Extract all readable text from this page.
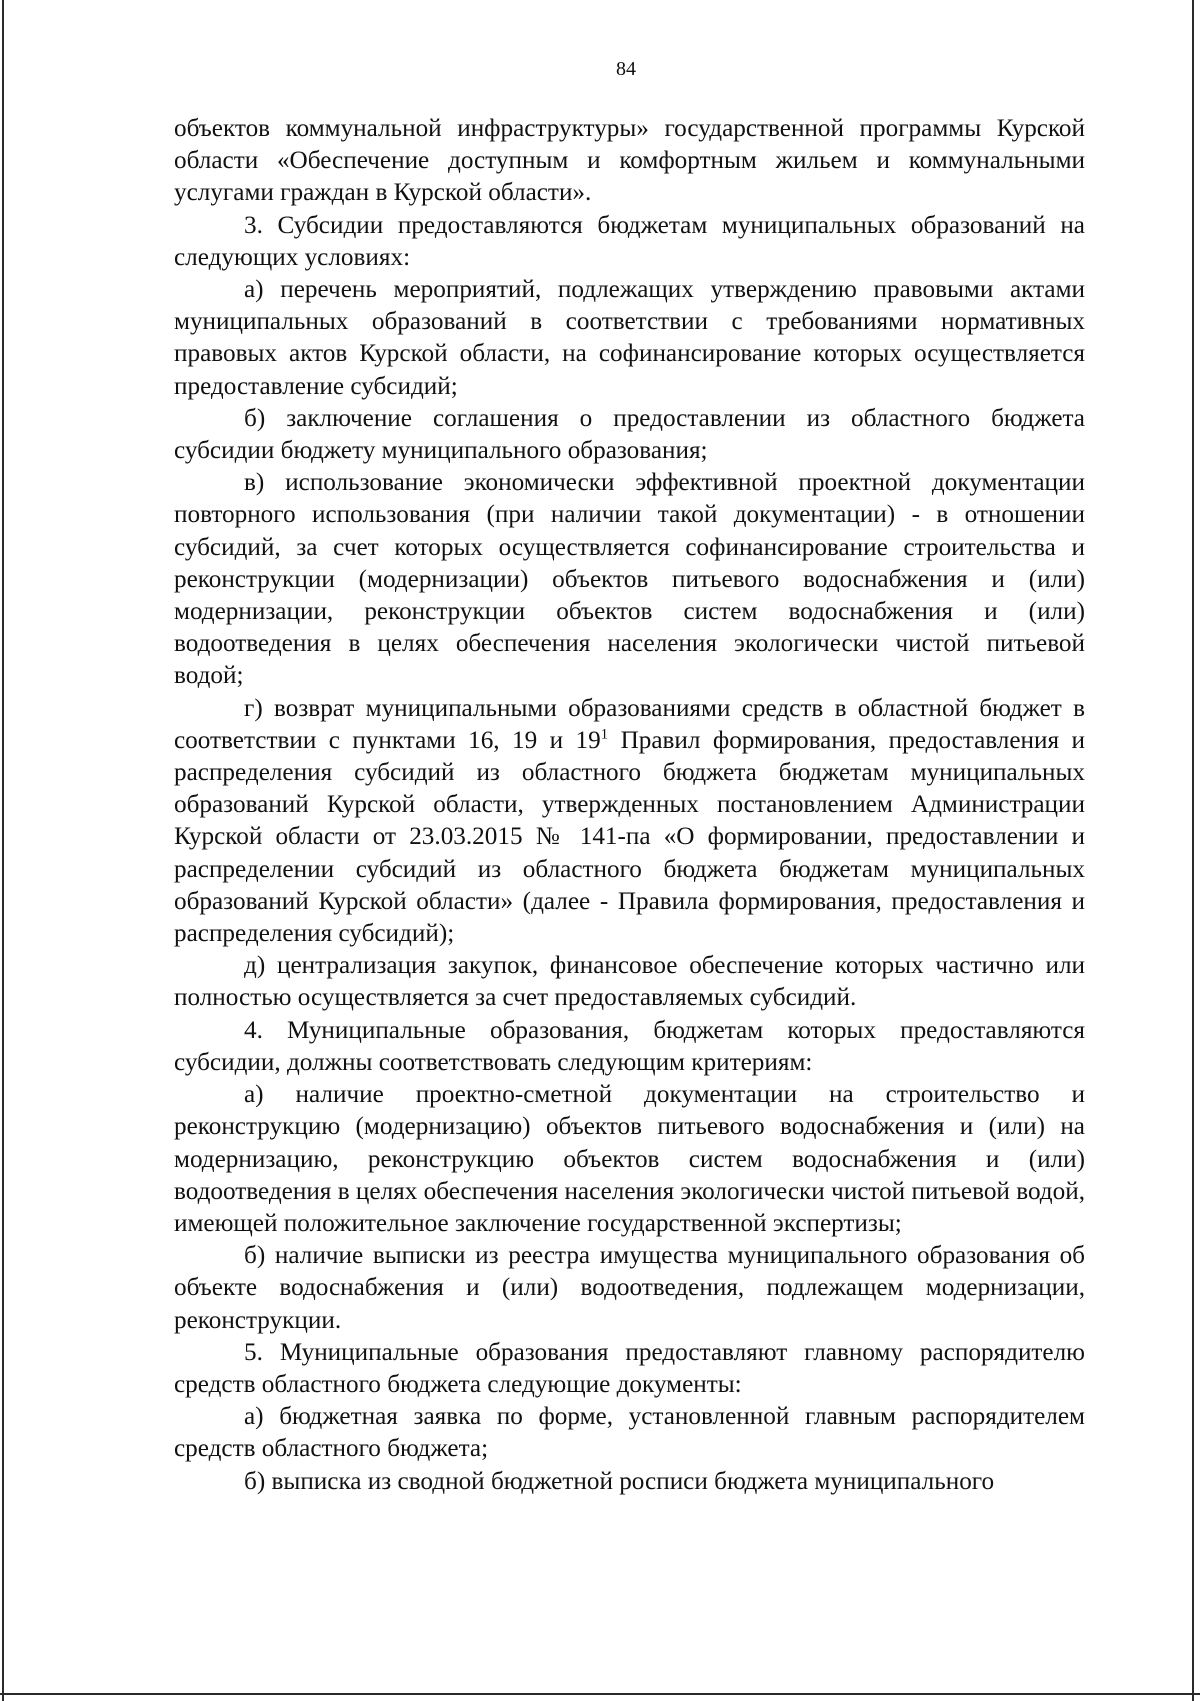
84

объектов коммунальной инфраструктуры» государственной программы Курской области «Обеспечение доступным и комфортным жильем и коммунальными услугами граждан в Курской области».

3. Субсидии предоставляются бюджетам муниципальных образований на следующих условиях:

а) перечень мероприятий, подлежащих утверждению правовыми актами муниципальных образований в соответствии с требованиями нормативных правовых актов Курской области, на софинансирование которых осуществляется предоставление субсидий;

б) заключение соглашения о предоставлении из областного бюджета субсидии бюджету муниципального образования;

в) использование экономически эффективной проектной документации повторного использования (при наличии такой документации) - в отношении субсидий, за счет которых осуществляется софинансирование строительства и реконструкции (модернизации) объектов питьевого водоснабжения и (или) модернизации, реконструкции объектов систем водоснабжения и (или) водоотведения в целях обеспечения населения экологически чистой питьевой водой;

г) возврат муниципальными образованиями средств в областной бюджет в соответствии с пунктами 16, 19 и $19^1$ Правил формирования, предоставления и распределения субсидий из областного бюджета бюджетам муниципальных образований Курской области, утвержденных постановлением Администрации Курской области от 23.03.2015 № 141-па «О формировании, предоставлении и распределении субсидий из областного бюджета бюджетам муниципальных образований Курской области» (далее - Правила формирования, предоставления и распределения субсидий);

д) централизация закупок, финансовое обеспечение которых частично или полностью осуществляется за счет предоставляемых субсидий.

4. Муниципальные образования, бюджетам которых предоставляются субсидии, должны соответствовать следующим критериям:

а) наличие проектно-сметной документации на строительство и реконструкцию (модернизацию) объектов питьевого водоснабжения и (или) на модернизацию, реконструкцию объектов систем водоснабжения и (или) водоотведения в целях обеспечения населения экологически чистой питьевой водой, имеющей положительное заключение государственной экспертизы;

б) наличие выписки из реестра имущества муниципального образования об объекте водоснабжения и (или) водоотведения, подлежащем модернизации, реконструкции.

5. Муниципальные образования предоставляют главному распорядителю средств областного бюджета следующие документы:

а) бюджетная заявка по форме, установленной главным распорядителем средств областного бюджета;

б) выписка из сводной бюджетной росписи бюджета муниципального
